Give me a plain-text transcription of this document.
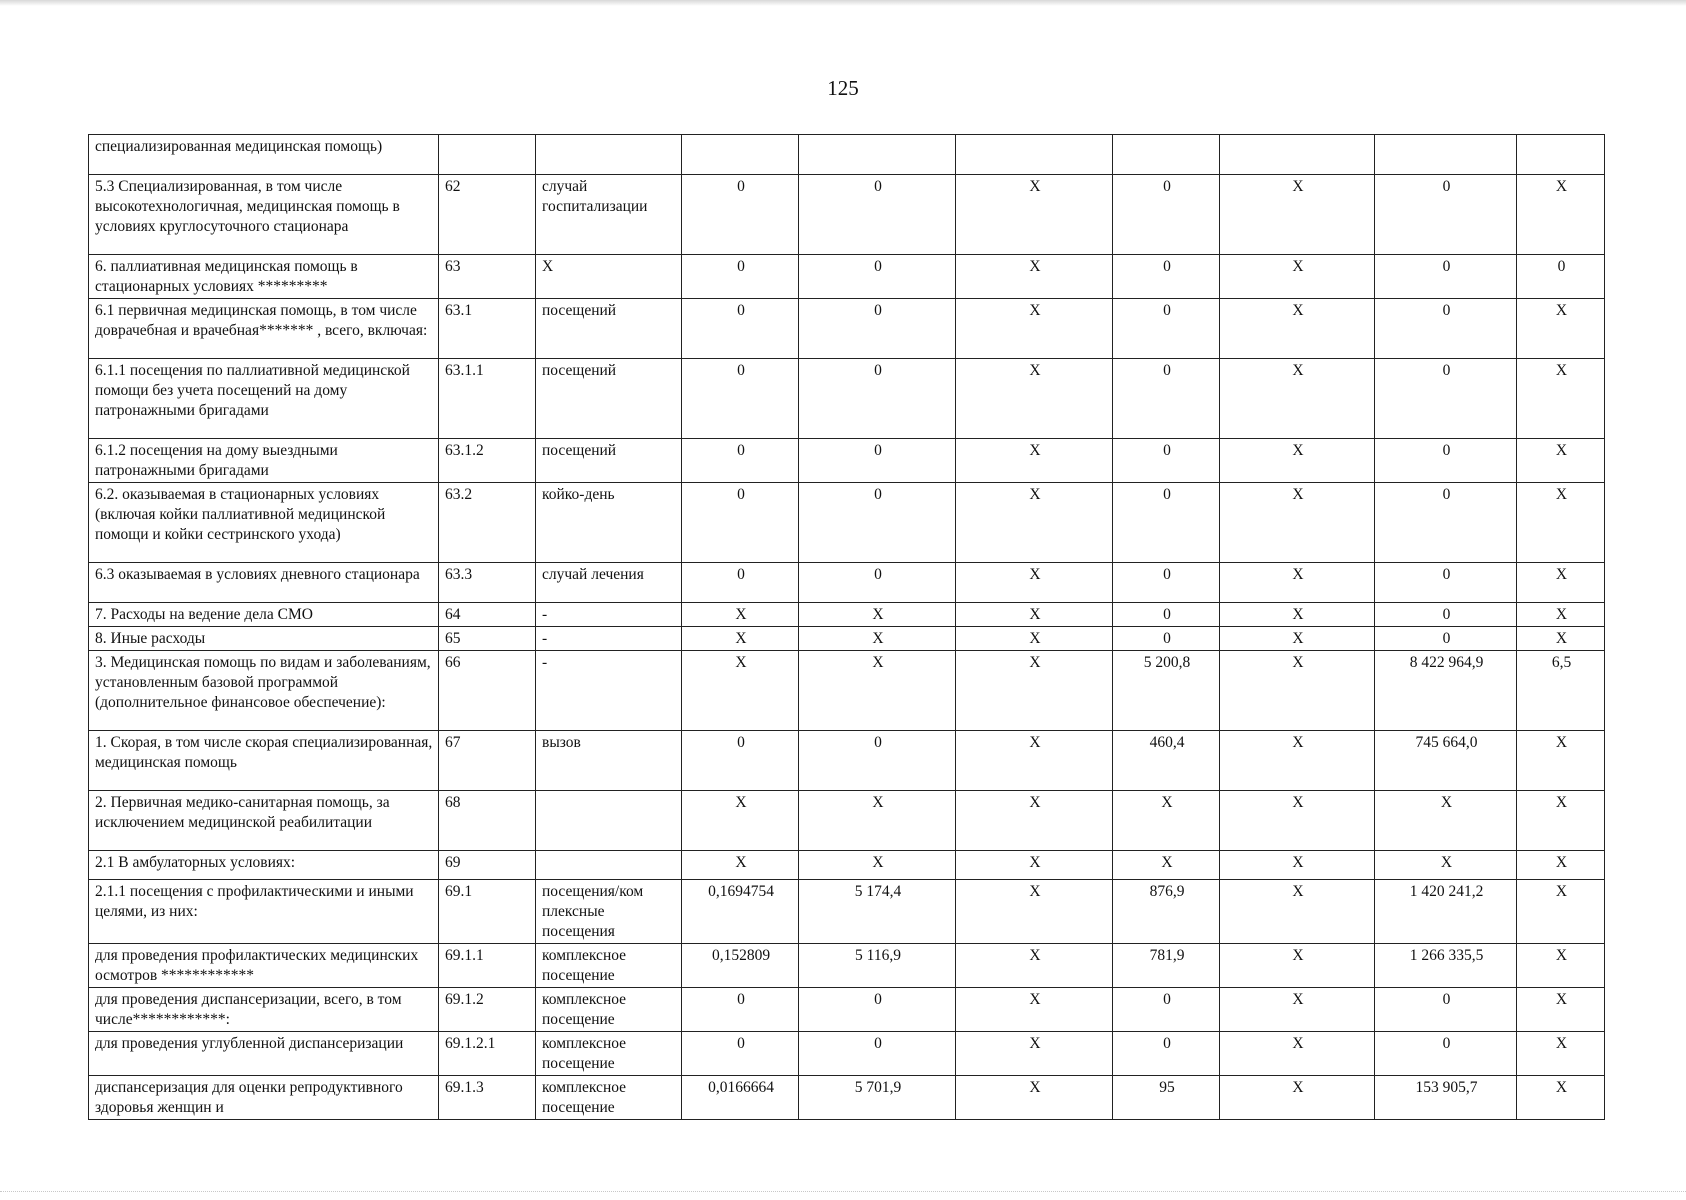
125
специализированная медицинская помощь)									
5.3 Специализированная, в том числе высокотехнологичная, медицинская помощь в условиях круглосуточного стационара	62	случай госпитализации	0	0	X	0	X	0	X
6. паллиативная медицинская помощь в стационарных условиях *********	63	X	0	0	X	0	X	0	0
6.1 первичная медицинская помощь, в том числе доврачебная и врачебная******* , всего, включая:	63.1	посещений	0	0	X	0	X	0	X
6.1.1 посещения по паллиативной медицинской помощи без учета посещений на дому патронажными бригадами	63.1.1	посещений	0	0	X	0	X	0	X
6.1.2 посещения на дому выездными патронажными бригадами	63.1.2	посещений	0	0	X	0	X	0	X
6.2. оказываемая в стационарных условиях (включая койки паллиативной медицинской помощи и койки сестринского ухода)	63.2	койко-день	0	0	X	0	X	0	X
6.3 оказываемая в условиях дневного стационара	63.3	случай лечения	0	0	X	0	X	0	X
7. Расходы на ведение дела СМО	64	-	X	X	X	0	X	0	X
8. Иные расходы	65	-	X	X	X	0	X	0	X
3. Медицинская помощь по видам и заболеваниям, установленным базовой программой (дополнительное финансовое обеспечение):	66	-	X	X	X	5 200,8	X	8 422 964,9	6,5
1. Скорая, в том числе скорая специализированная, медицинская помощь	67	вызов	0	0	X	460,4	X	745 664,0	X
2. Первичная медико-санитарная помощь, за исключением медицинской реабилитации	68		X	X	X	X	X	X	X
2.1 В амбулаторных условиях:	69		X	X	X	X	X	X	X
2.1.1 посещения с профилактическими и иными целями, из них:	69.1	посещения/ком плексные посещения	0,1694754	5 174,4	X	876,9	X	1 420 241,2	X
для проведения профилактических медицинских осмотров ************	69.1.1	комплексное посещение	0,152809	5 116,9	X	781,9	X	1 266 335,5	X
для проведения диспансеризации, всего, в том числе************:	69.1.2	комплексное посещение	0	0	X	0	X	0	X
для проведения углубленной диспансеризации	69.1.2.1	комплексное посещение	0	0	X	0	X	0	X
диспансеризация для оценки репродуктивного здоровья женщин и	69.1.3	комплексное посещение	0,0166664	5 701,9	X	95	X	153 905,7	X
